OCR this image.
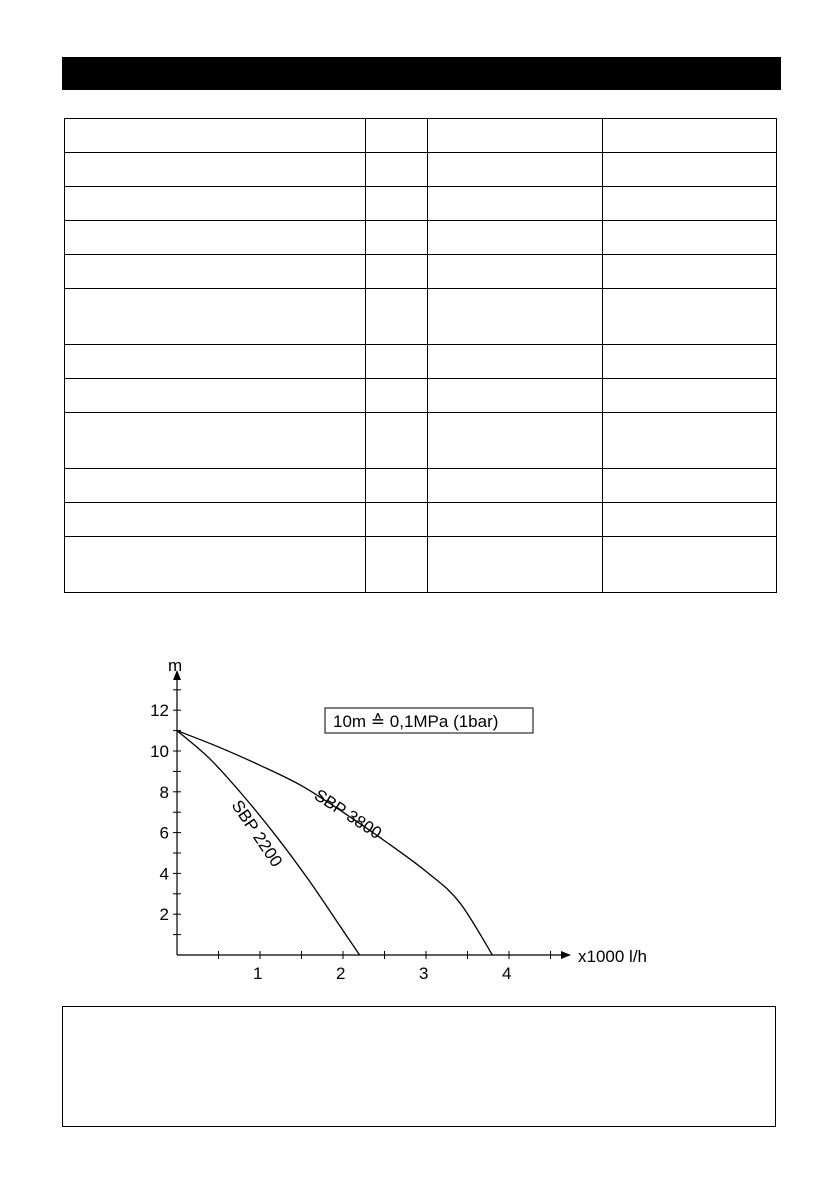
1	2	3	4
2
4
6
8
10
12
x1000 l/h
m
10m ≙ 0,1MPa (1bar)
SBP 2200 SBP 3800
